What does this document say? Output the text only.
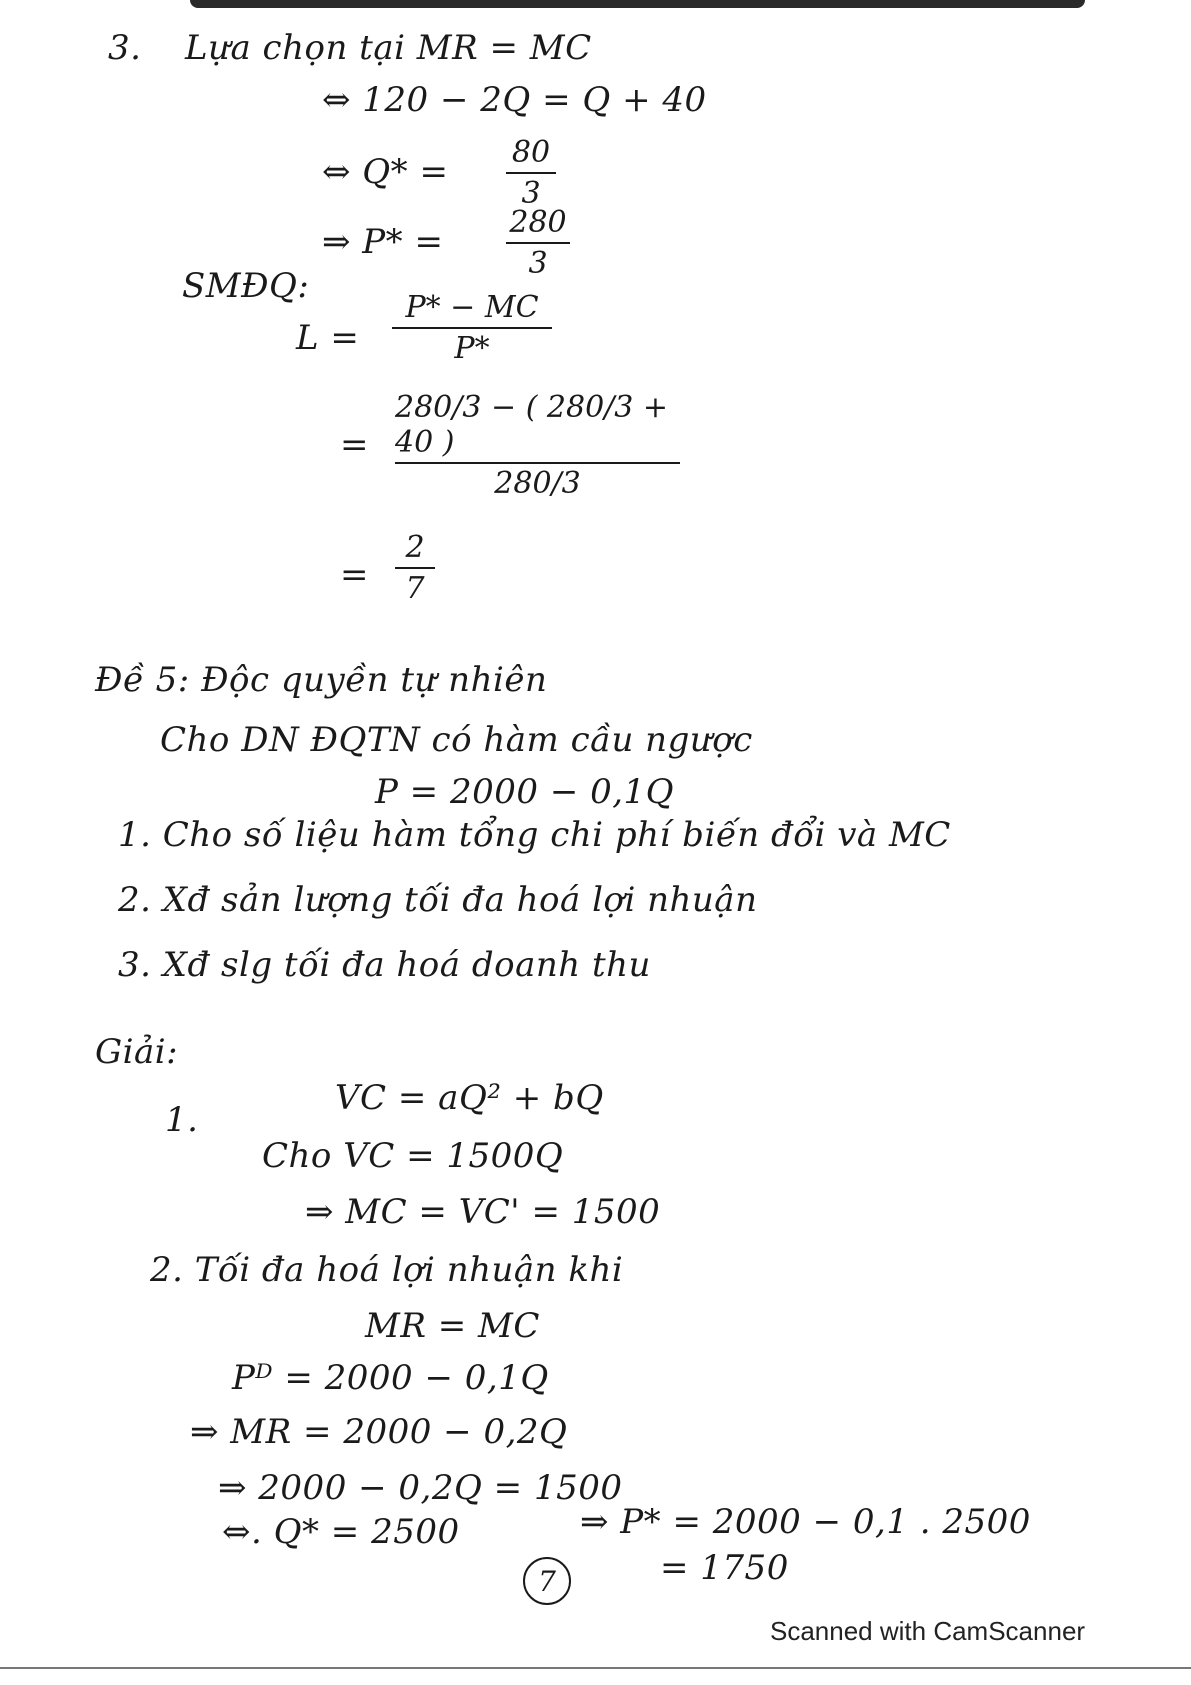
3. Lựa chọn tại MR = MC
⇔ 120 − 2Q = Q + 40
⇔ Q* = 80
3
⇒ P* = 280
3
SMĐQ:
L =
P* − MC
P*
=
280/3 − ( 280/3 + 40 )
280/3
=
2
7
Đề 5: Độc quyền tự nhiên
Cho DN ĐQTN có hàm cầu ngược
P = 2000 − 0,1Q
1. Cho số liệu hàm tổng chi phí biến đổi và MC
2. Xđ sản lượng tối đa hoá lợi nhuận
3. Xđ slg tối đa hoá doanh thu
Giải:
1.
VC = aQ² + bQ
Cho VC = 1500Q
⇒ MC = VC' = 1500
2. Tối đa hoá lợi nhuận khi
MR = MC
Pᴰ = 2000 − 0,1Q
⇒ MR = 2000 − 0,2Q
⇒ 2000 − 0,2Q = 1500
⇔. Q* = 2500	⇒ P* = 2000 − 0,1 . 2500
= 1750
7
Scanned with CamScanner
